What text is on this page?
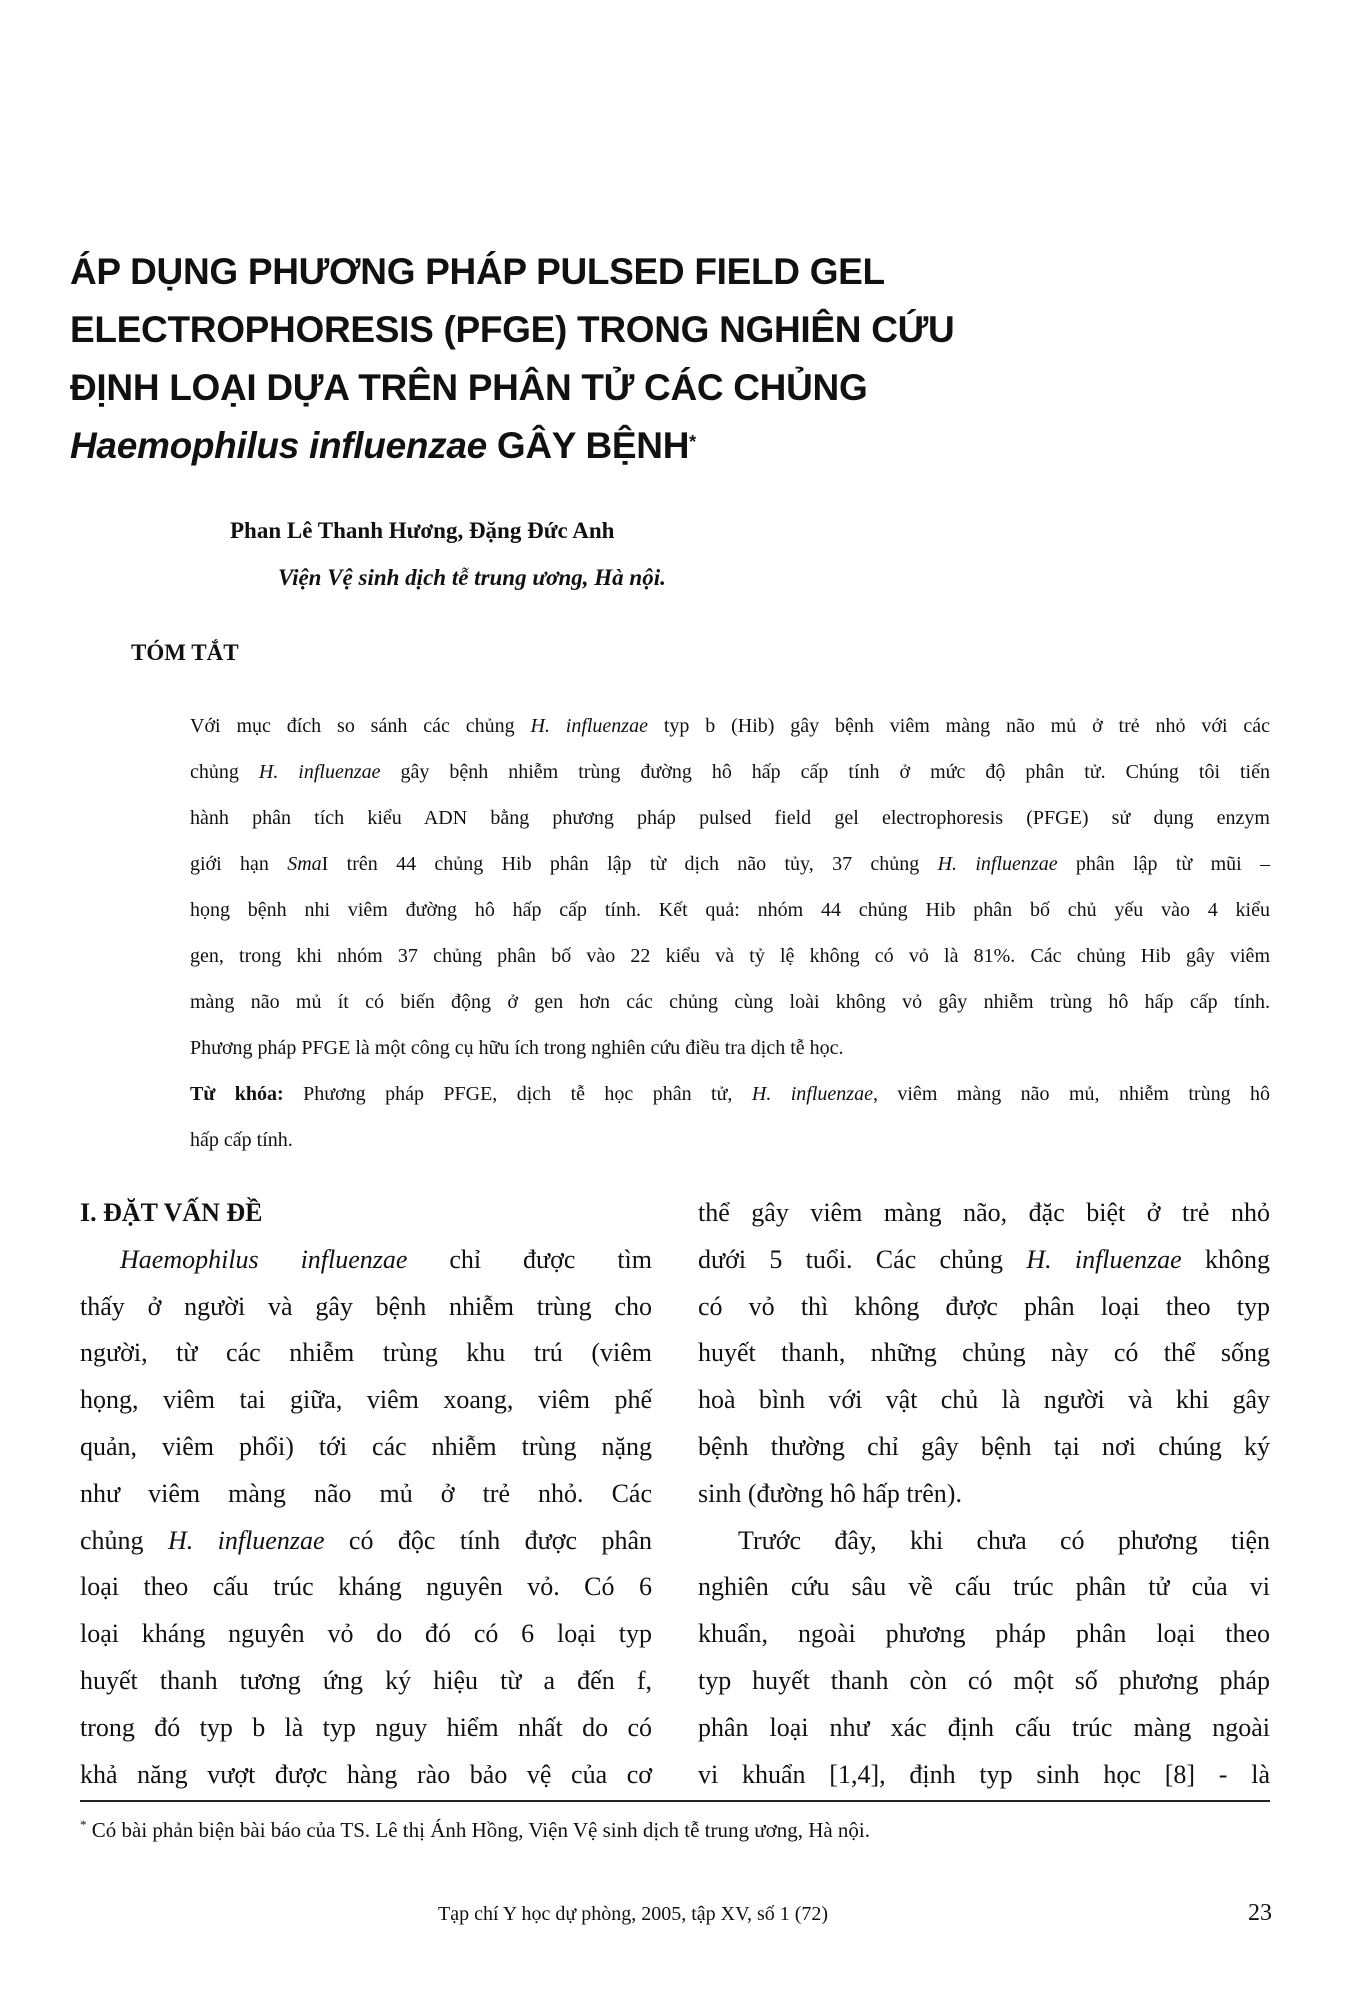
ÁP DỤNG PHƯƠNG PHÁP PULSED FIELD GEL
ELECTROPHORESIS (PFGE) TRONG NGHIÊN CỨU
ĐỊNH LOẠI DỰA TRÊN PHÂN TỬ CÁC CHỦNG
Haemophilus influenzae GÂY BỆNH*
Phan Lê Thanh Hương, Đặng Đức Anh
Viện Vệ sinh dịch tễ trung ương, Hà nội.
TÓM TẮT
Với mục đích so sánh các chủng H. influenzae typ b (Hib) gây bệnh viêm màng não mủ ở trẻ nhỏ với các
chủng H. influenzae gây bệnh nhiễm trùng đường hô hấp cấp tính ở mức độ phân tử. Chúng tôi tiến
hành phân tích kiểu ADN bằng phương pháp pulsed field gel electrophoresis (PFGE) sử dụng enzym
giới hạn SmaI trên 44 chủng Hib phân lập từ dịch não tủy, 37 chủng H. influenzae phân lập từ mũi –
họng bệnh nhi viêm đường hô hấp cấp tính. Kết quả: nhóm 44 chủng Hib phân bố chủ yếu vào 4 kiểu
gen, trong khi nhóm 37 chủng phân bố vào 22 kiểu và tỷ lệ không có vỏ là 81%. Các chủng Hib gây viêm
màng não mủ ít có biến động ở gen hơn các chủng cùng loài không vỏ gây nhiễm trùng hô hấp cấp tính.
Phương pháp PFGE là một công cụ hữu ích trong nghiên cứu điều tra dịch tễ học.
Từ khóa: Phương pháp PFGE, dịch tễ học phân tử, H. influenzae, viêm màng não mủ, nhiễm trùng hô
hấp cấp tính.
I. ĐẶT VẤN ĐỀ
Haemophilus influenzae chỉ được tìm
thấy ở người và gây bệnh nhiễm trùng cho
người, từ các nhiễm trùng khu trú (viêm
họng, viêm tai giữa, viêm xoang, viêm phế
quản, viêm phổi) tới các nhiễm trùng nặng
như viêm màng não mủ ở trẻ nhỏ. Các
chủng H. influenzae có độc tính được phân
loại theo cấu trúc kháng nguyên vỏ. Có 6
loại kháng nguyên vỏ do đó có 6 loại typ
huyết thanh tương ứng ký hiệu từ a đến f,
trong đó typ b là typ nguy hiểm nhất do có
khả năng vượt được hàng rào bảo vệ của cơ
thể gây viêm màng não, đặc biệt ở trẻ nhỏ
dưới 5 tuổi. Các chủng H. influenzae không
có vỏ thì không được phân loại theo typ
huyết thanh, những chủng này có thể sống
hoà bình với vật chủ là người và khi gây
bệnh thường chỉ gây bệnh tại nơi chúng ký
sinh (đường hô hấp trên).
Trước đây, khi chưa có phương tiện
nghiên cứu sâu về cấu trúc phân tử của vi
khuẩn, ngoài phương pháp phân loại theo
typ huyết thanh còn có một số phương pháp
phân loại như xác định cấu trúc màng ngoài
vi khuẩn [1,4], định typ sinh học [8] - là
* Có bài phản biện bài báo của TS. Lê thị Ánh Hồng, Viện Vệ sinh dịch tễ trung ương, Hà nội.
Tạp chí Y học dự phòng, 2005, tập XV, số 1 (72)	23
